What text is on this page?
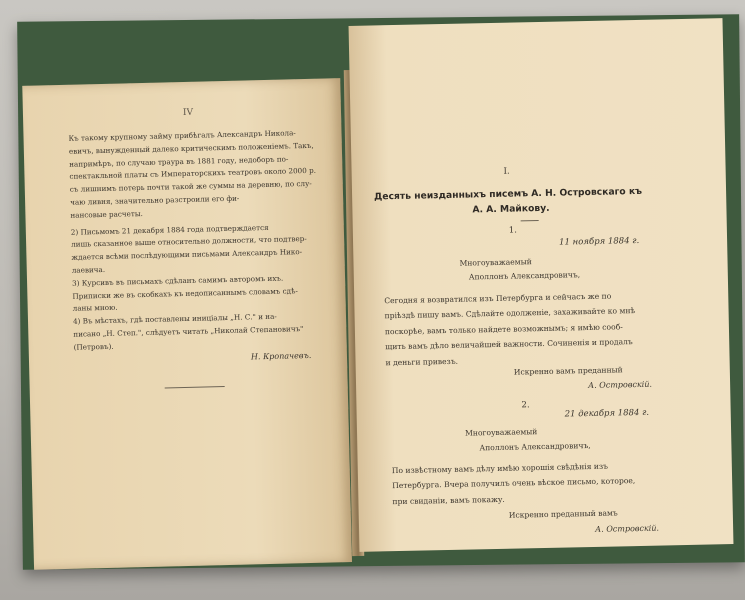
IV
Къ такому крупному займу прибѣгалъ Александръ Никола-
евичъ, вынужденный далеко критическимъ положеніемъ. Такъ,
напримѣръ, по случаю траура въ 1881 году, недоборъ по-
спектакльной платы съ Императорскихъ театровъ около 2000 р.
съ лишнимъ потерь почти такой же суммы на деревню, по слу-
чаю ливня, значительно разстроили его фи-
нансовые расчеты.
2) Письмомъ 21 декабря 1884 года подтверждается
лишь сказанное выше относительно должности, что подтвер-
ждается всѣми послѣдующими письмами Александръ Нико-
лаевича.
3) Курсивъ въ письмахъ сдѣланъ самимъ авторомъ ихъ.
Приписки же въ скобкахъ къ недописаннымъ словамъ сдѣ-
ланы мною.
4) Въ мѣстахъ, гдѣ поставлены иниціалы „Н. С." и на-
писано „Н. Степ.", слѣдуетъ читать „Николай Степановичъ"
(Петровъ).
Н. Кропачевъ.
I.
Десять неизданныхъ писемъ А. Н. Островскаго къ
А. А. Майкову.
1.
11 ноября 1884 г.
Многоуважаемый
Аполлонъ Александровичъ,
Сегодня я возвратился изъ Петербурга и сейчасъ же по
пріѣздѣ пишу вамъ. Сдѣлайте одолженіе, захаживайте ко мнѣ
поскорѣе, вамъ только найдете возможнымъ; я имѣю сооб-
щить вамъ дѣло величайшей важности. Сочиненія и продалъ
и деньги привезъ.
Искренно вамъ преданный
А. Островскій.
2.
21 декабря 1884 г.
Многоуважаемый
Аполлонъ Александровичъ,
По извѣстному вамъ дѣлу имѣю хорошія свѣдѣнія изъ
Петербурга. Вчера получилъ очень вѣское письмо, которое,
при свиданіи, вамъ покажу.
Искренно преданный вамъ
А. Островскій.
